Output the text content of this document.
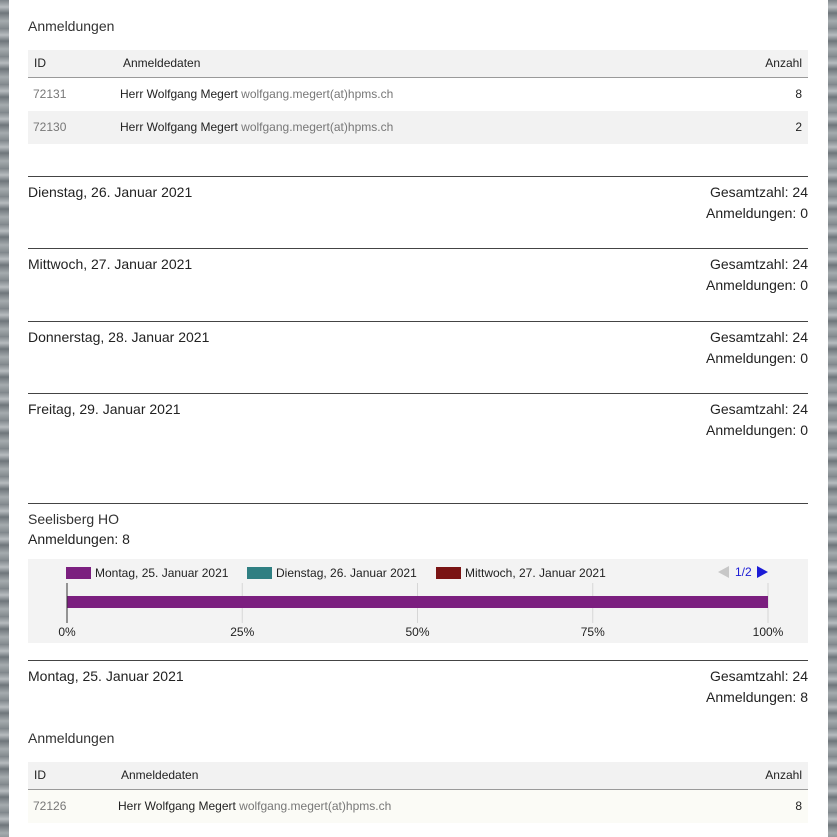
Anmeldungen
ID	Anmeldedaten	Anzahl
72131	Herr Wolfgang Megert wolfgang.megert(at)hpms.ch	8
72130	Herr Wolfgang Megert wolfgang.megert(at)hpms.ch	2
Dienstag, 26. Januar 2021	Gesamtzahl: 24
Anmeldungen: 0
Mittwoch, 27. Januar 2021	Gesamtzahl: 24
Anmeldungen: 0
Donnerstag, 28. Januar 2021	Gesamtzahl: 24
Anmeldungen: 0
Freitag, 29. Januar 2021	Gesamtzahl: 24
Anmeldungen: 0
Seelisberg HO
Anmeldungen: 8
Montag, 25. Januar 2021	Dienstag, 26. Januar 2021	Mittwoch, 27. Januar 2021	1/2
0%	25%	50%	75%	100%
Montag, 25. Januar 2021	Gesamtzahl: 24
Anmeldungen: 8
Anmeldungen
ID	Anmeldedaten	Anzahl
72126	Herr Wolfgang Megert wolfgang.megert(at)hpms.ch	8
